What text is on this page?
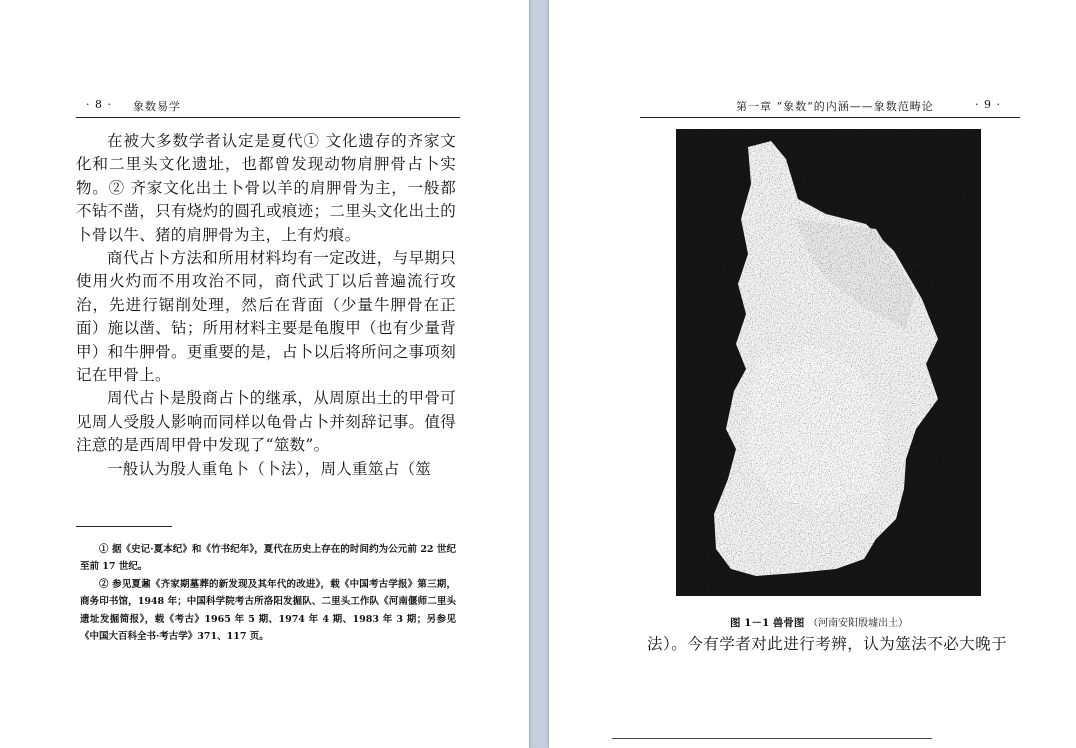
· 8 · 象数易学

在被大多数学者认定是夏代① 文化遗存的齐家文化和二里头文化遗址，也都曾发现动物肩胛骨占卜实物。② 齐家文化出土卜骨以羊的肩胛骨为主，一般都不钻不凿，只有烧灼的圆孔或痕迹；二里头文化出土的卜骨以牛、猪的肩胛骨为主，上有灼痕。

商代占卜方法和所用材料均有一定改进，与早期只使用火灼而不用攻治不同，商代武丁以后普遍流行攻治，先进行锯削处理，然后在背面（少量牛胛骨在正面）施以凿、钻；所用材料主要是龟腹甲（也有少量背甲）和牛胛骨。更重要的是，占卜以后将所问之事项刻记在甲骨上。

周代占卜是殷商占卜的继承，从周原出土的甲骨可见周人受殷人影响而同样以龟骨占卜并刻辞记事。值得注意的是西周甲骨中发现了“筮数”。

一般认为殷人重龟卜（卜法），周人重筮占（筮

① 据《史记·夏本纪》和《竹书纪年》，夏代在历史上存在的时间约为公元前 22 世纪至前 17 世纪。

② 参见夏鼐《齐家期墓葬的新发现及其年代的改进》，载《中国考古学报》第三期，商务印书馆，1948 年；中国科学院考古所洛阳发掘队、二里头工作队《河南偃师二里头遗址发掘简报》，载《考古》1965 年 5 期、1974 年 4 期、1983 年 3 期；另参见《中国大百科全书·考古学》371、117 页。

第一章 “象数”的内涵——象数范畴论	· 9 ·
图 1－1 兽骨图 （河南安阳殷墟出土）
法）。今有学者对此进行考辨，认为筮法不必大晚于
